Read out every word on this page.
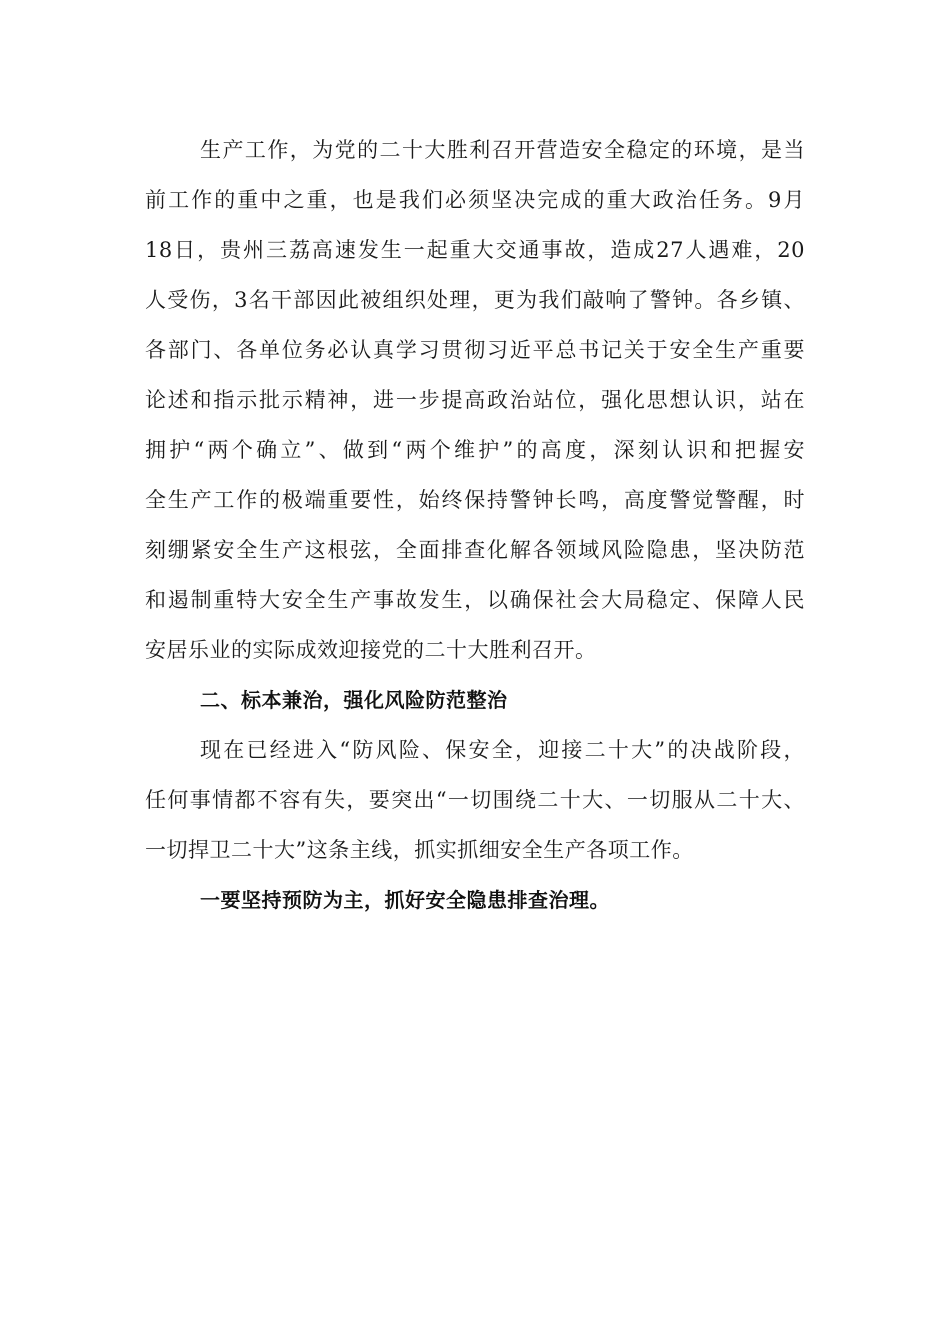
生产工作，为党的二十大胜利召开营造安全稳定的环境，是当
前工作的重中之重，也是我们必须坚决完成的重大政治任务。9月
18日，贵州三荔高速发生一起重大交通事故，造成27人遇难，20
人受伤，3名干部因此被组织处理，更为我们敲响了警钟。各乡镇、
各部门、各单位务必认真学习贯彻习近平总书记关于安全生产重要
论述和指示批示精神，进一步提高政治站位，强化思想认识，站在
拥护“两个确立”、做到“两个维护”的高度，深刻认识和把握安
全生产工作的极端重要性，始终保持警钟长鸣，高度警觉警醒，时
刻绷紧安全生产这根弦，全面排查化解各领域风险隐患，坚决防范
和遏制重特大安全生产事故发生，以确保社会大局稳定、保障人民
安居乐业的实际成效迎接党的二十大胜利召开。
二、标本兼治，强化风险防范整治
现在已经进入“防风险、保安全，迎接二十大”的决战阶段，
任何事情都不容有失，要突出“一切围绕二十大、一切服从二十大、
一切捍卫二十大”这条主线，抓实抓细安全生产各项工作。
一要坚持预防为主，抓好安全隐患排查治理。
